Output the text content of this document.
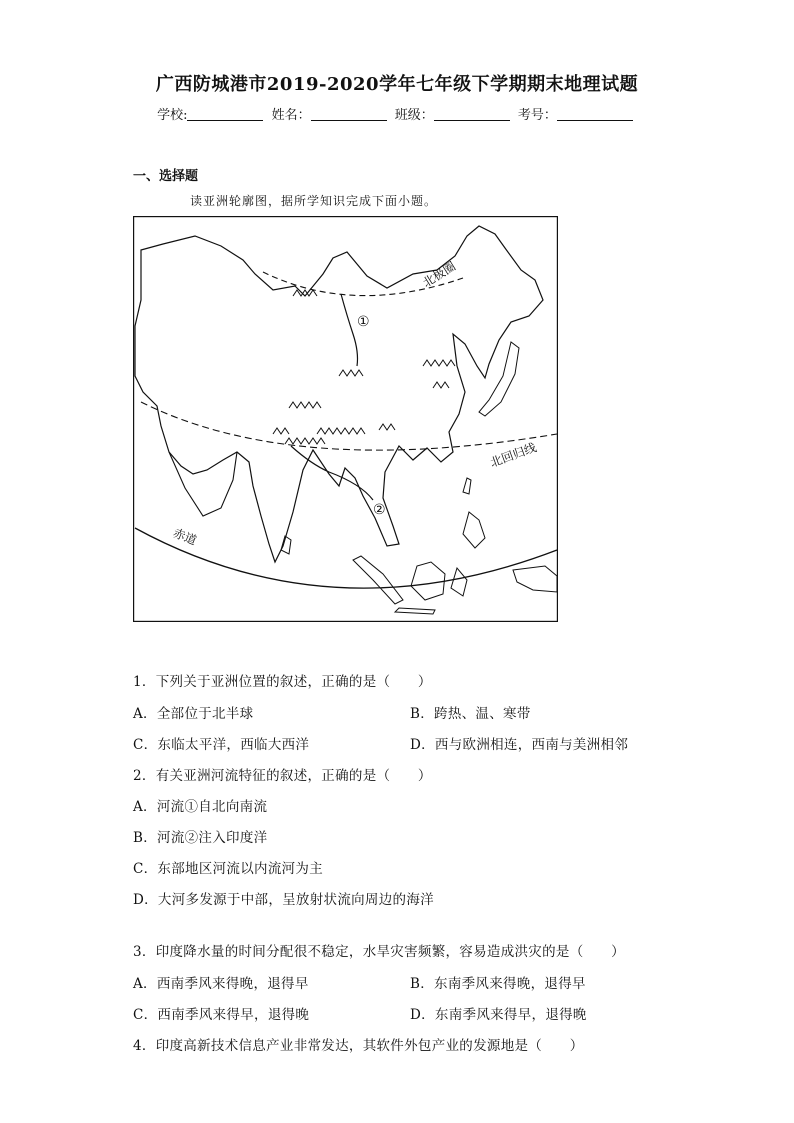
广西防城港市2019-2020学年七年级下学期期末地理试题
学校:	姓名：	班级：	考号：
一、选择题
读亚洲轮廓图，据所学知识完成下面小题。
北极圈
北回归线
赤道
①
②
1．下列关于亚洲位置的叙述，正确的是（　　）
A．全部位于北半球	B．跨热、温、寒带
C．东临太平洋，西临大西洋	D．西与欧洲相连，西南与美洲相邻
2．有关亚洲河流特征的叙述，正确的是（　　）
A．河流①自北向南流
B．河流②注入印度洋
C．东部地区河流以内流河为主
D．大河多发源于中部，呈放射状流向周边的海洋
3．印度降水量的时间分配很不稳定，水旱灾害频繁，容易造成洪灾的是（　　）
A．西南季风来得晚，退得早	B．东南季风来得晚，退得早
C．西南季风来得早，退得晚	D．东南季风来得早，退得晚
4．印度高新技术信息产业非常发达，其软件外包产业的发源地是（　　）
